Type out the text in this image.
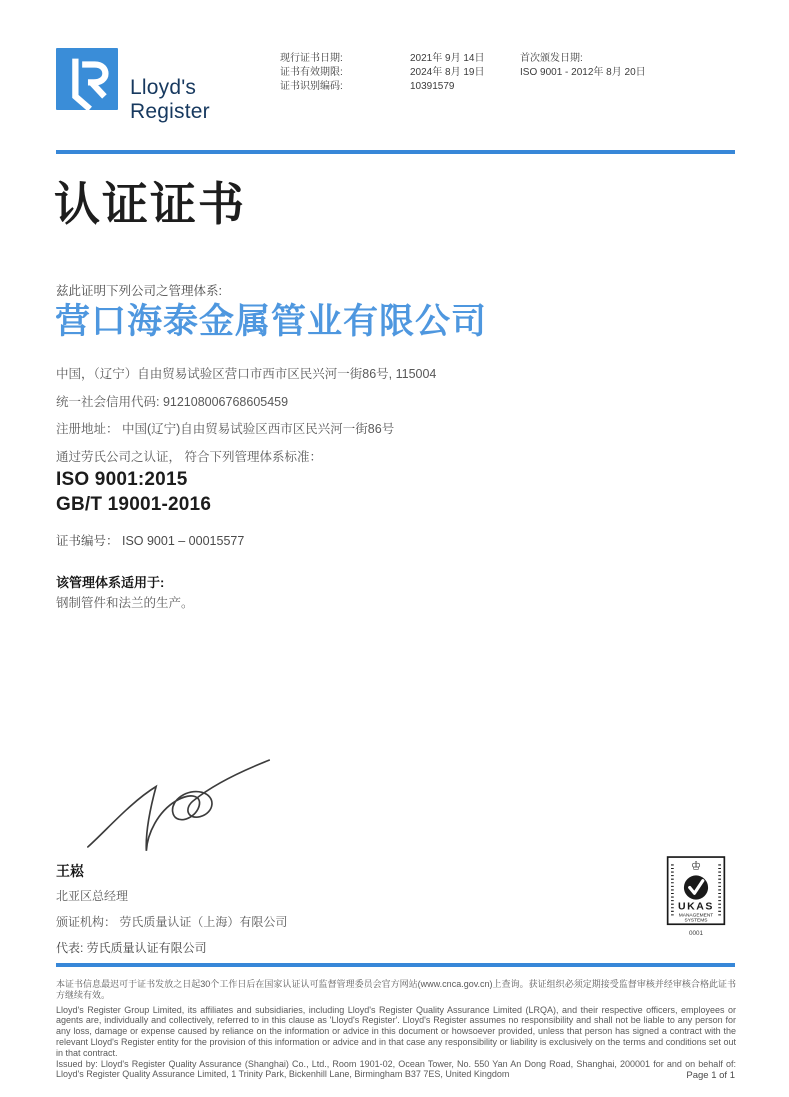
Lloyd's
Register
现行证书日期:
证书有效期限:
证书识别编码:
2021年 9月 14日
2024年 8月 19日
10391579
首次颁发日期:
ISO 9001 - 2012年 8月 20日
认证证书
兹此证明下列公司之管理体系:
营口海泰金属管业有限公司
中国，（辽宁）自由贸易试验区营口市西市区民兴河一街86号, 115004
统一社会信用代码: 912108006768605459
注册地址： 中国(辽宁)自由贸易试验区西市区民兴河一街86号
通过劳氏公司之认证， 符合下列管理体系标准：
ISO 9001:2015
GB/T 19001-2016
证书编号： ISO 9001 – 00015577
该管理体系适用于:
钢制管件和法兰的生产。
王崧
北亚区总经理
颁证机构： 劳氏质量认证（上海）有限公司
代表: 劳氏质量认证有限公司
♔
UKAS
MANAGEMENT
SYSTEMS
0001
本证书信息最迟可于证书发放之日起30个工作日后在国家认证认可监督管理委员会官方网站(www.cnca.gov.cn)上查询。获证组织必须定期接受监督审核并经审核合格此证书方继续有效。
Lloyd's Register Group Limited, its affiliates and subsidiaries, including Lloyd's Register Quality Assurance Limited (LRQA), and their respective officers, employees or agents are, individually and collectively, referred to in this clause as 'Lloyd's Register'. Lloyd's Register assumes no responsibility and shall not be liable to any person for any loss, damage or expense caused by reliance on the information or advice in this document or howsoever provided, unless that person has signed a contract with the relevant Lloyd's Register entity for the provision of this information or advice and in that case any responsibility or liability is exclusively on the terms and conditions set out in that contract.
Issued by: Lloyd's Register Quality Assurance (Shanghai) Co., Ltd., Room 1901-02, Ocean Tower, No. 550 Yan An Dong Road, Shanghai, 200001 for and on behalf of: Lloyd's Register Quality Assurance Limited, 1 Trinity Park, Bickenhill Lane, Birmingham B37 7ES, United Kingdom	Page 1 of 1
